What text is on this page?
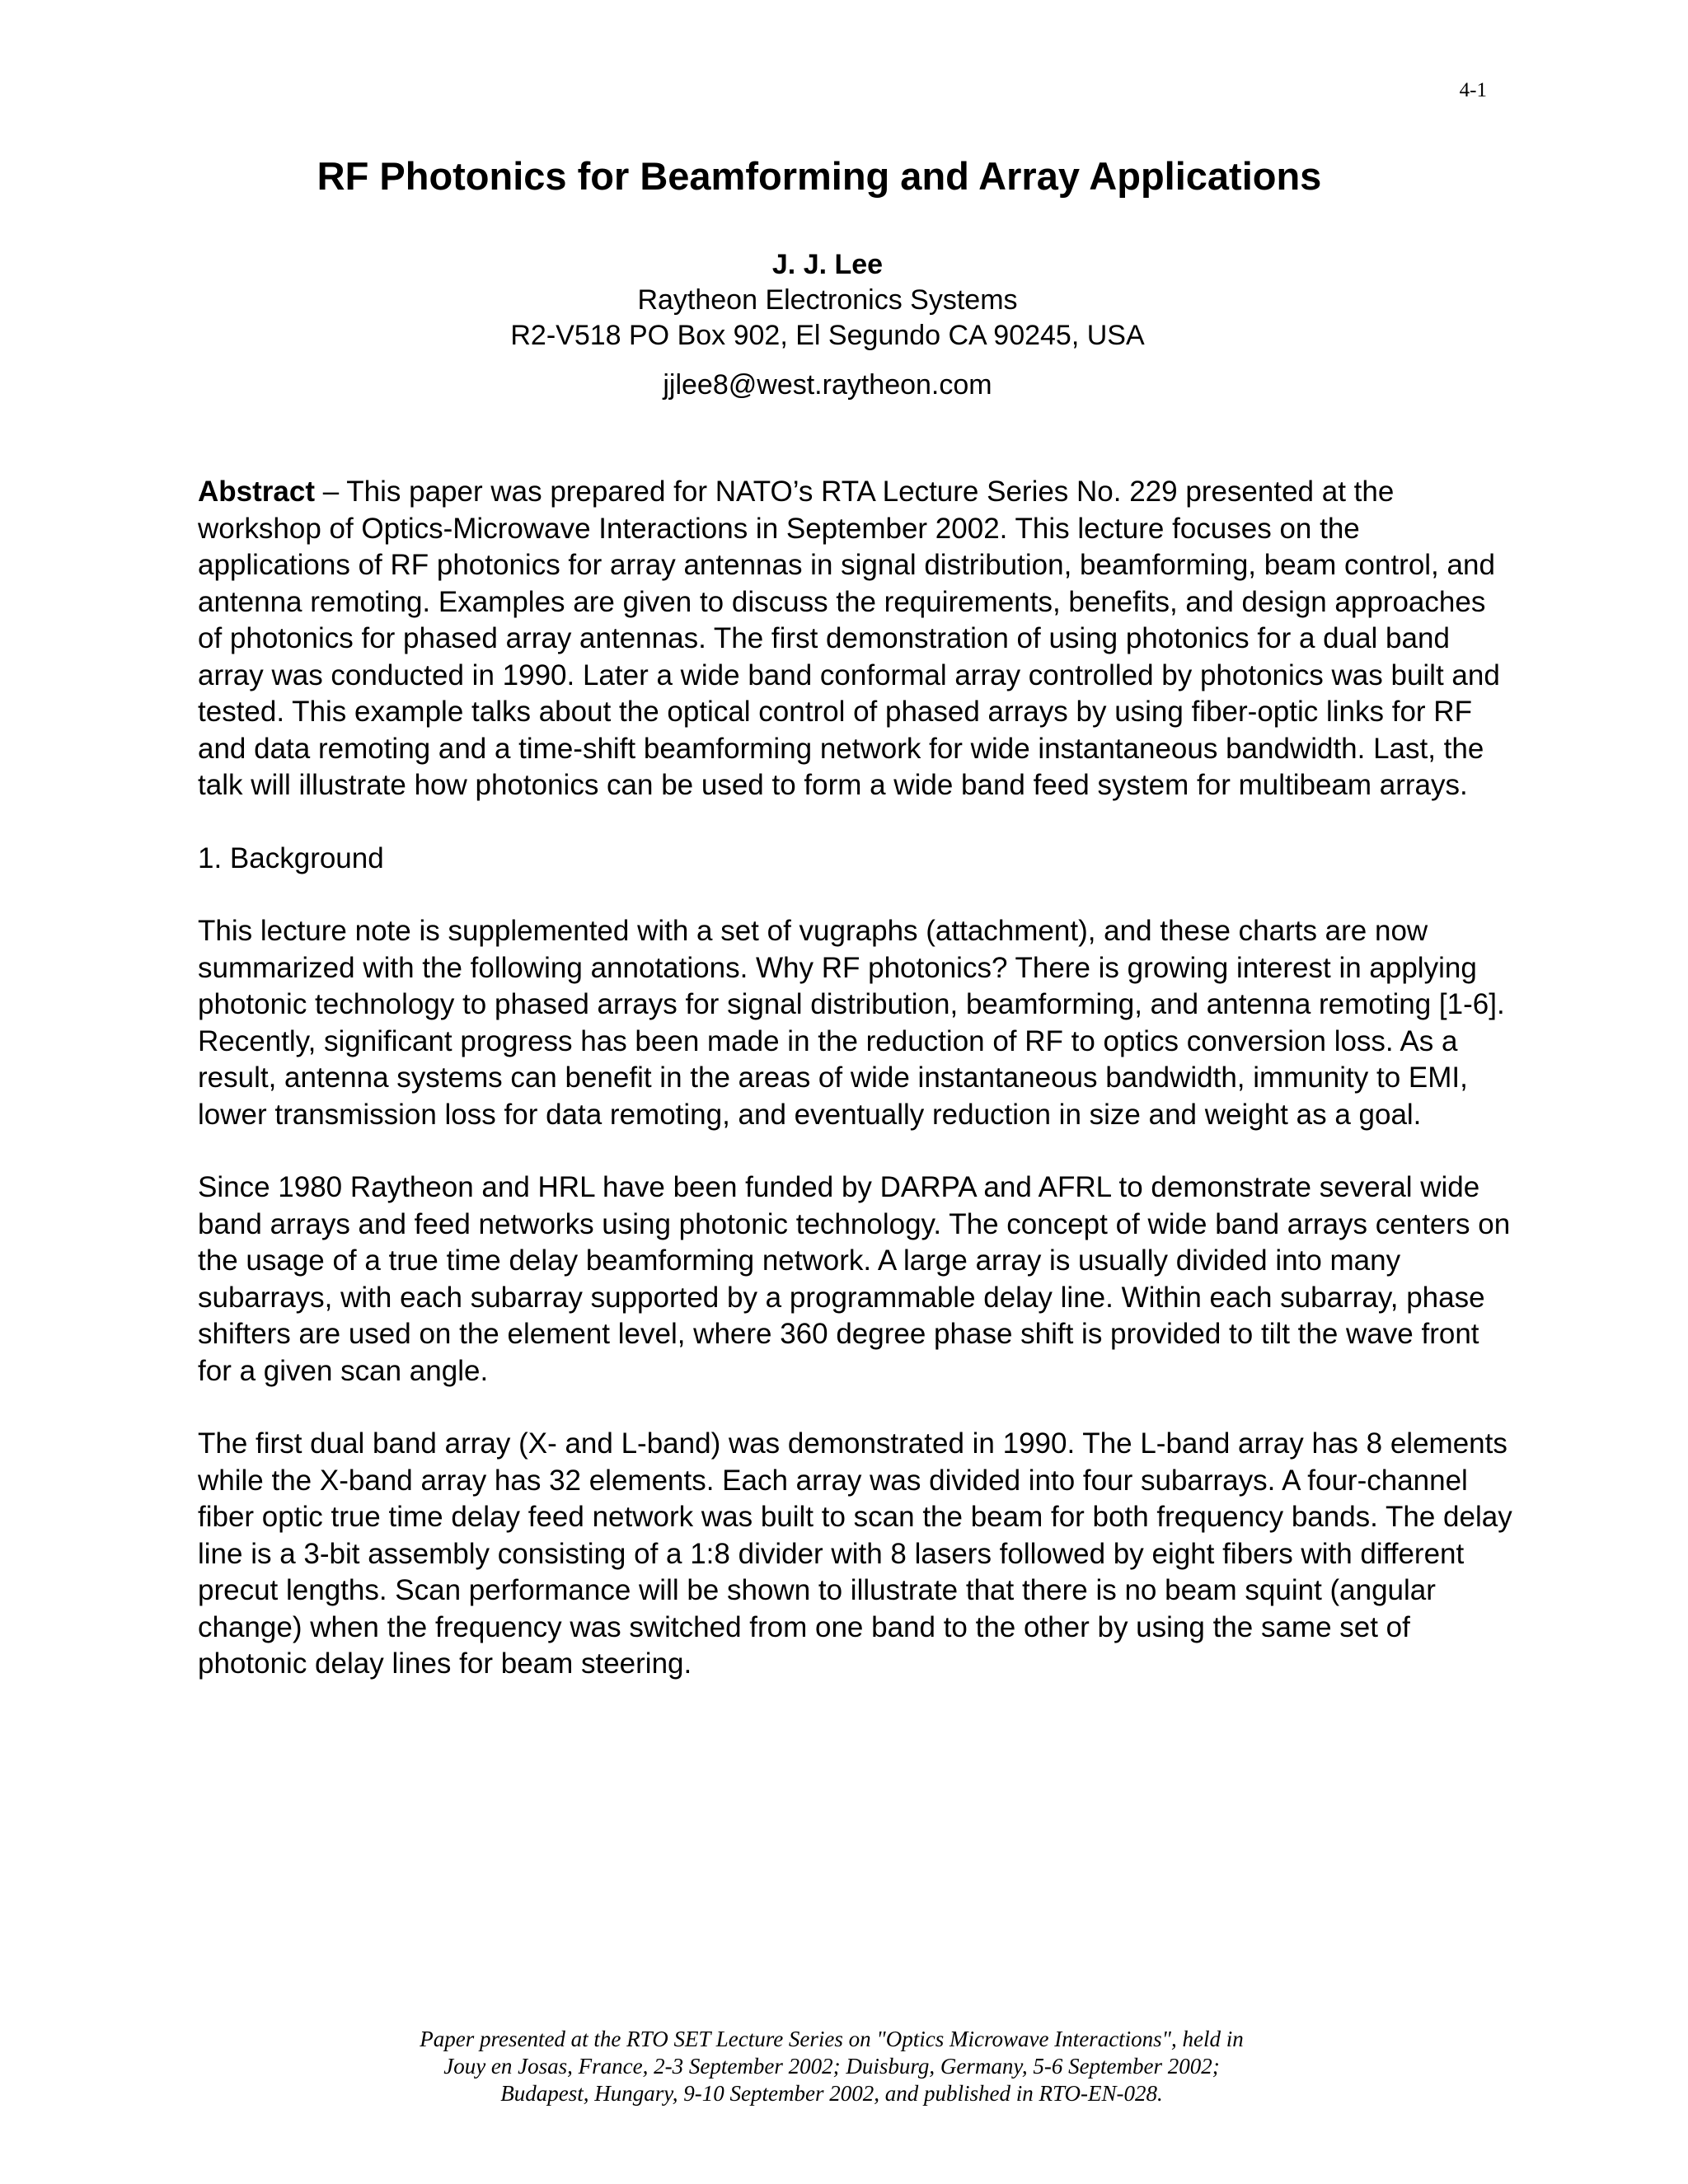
4-1
RF Photonics for Beamforming and Array Applications
J. J. Lee
Raytheon Electronics Systems
R2-V518 PO Box 902, El Segundo CA 90245, USA
jjlee8@west.raytheon.com

Abstract – This paper was prepared for NATO’s RTA Lecture Series No. 229 presented at the workshop of Optics-Microwave Interactions in September 2002. This lecture focuses on the applications of RF photonics for array antennas in signal distribution, beamforming, beam control, and antenna remoting. Examples are given to discuss the requirements, benefits, and design approaches of photonics for phased array antennas. The first demonstration of using photonics for a dual band array was conducted in 1990. Later a wide band conformal array controlled by photonics was built and tested. This example talks about the optical control of phased arrays by using fiber-optic links for RF and data remoting and a time-shift beamforming network for wide instantaneous bandwidth. Last, the talk will illustrate how photonics can be used to form a wide band feed system for multibeam arrays.

1. Background

This lecture note is supplemented with a set of vugraphs (attachment), and these charts are now summarized with the following annotations. Why RF photonics? There is growing interest in applying photonic technology to phased arrays for signal distribution, beamforming, and antenna remoting [1-6]. Recently, significant progress has been made in the reduction of RF to optics conversion loss. As a result, antenna systems can benefit in the areas of wide instantaneous bandwidth, immunity to EMI, lower transmission loss for data remoting, and eventually reduction in size and weight as a goal.

Since 1980 Raytheon and HRL have been funded by DARPA and AFRL to demonstrate several wide band arrays and feed networks using photonic technology. The concept of wide band arrays centers on the usage of a true time delay beamforming network. A large array is usually divided into many subarrays, with each subarray supported by a programmable delay line. Within each subarray, phase shifters are used on the element level, where 360 degree phase shift is provided to tilt the wave front for a given scan angle.

The first dual band array (X- and L-band) was demonstrated in 1990. The L-band array has 8 elements while the X-band array has 32 elements. Each array was divided into four subarrays. A four-channel fiber optic true time delay feed network was built to scan the beam for both frequency bands. The delay line is a 3-bit assembly consisting of a 1:8 divider with 8 lasers followed by eight fibers with different precut lengths. Scan performance will be shown to illustrate that there is no beam squint (angular change) when the frequency was switched from one band to the other by using the same set of photonic delay lines for beam steering.

Paper presented at the RTO SET Lecture Series on "Optics Microwave Interactions", held in
Jouy en Josas, France, 2-3 September 2002; Duisburg, Germany, 5-6 September 2002;
Budapest, Hungary, 9-10 September 2002, and published in RTO-EN-028.
